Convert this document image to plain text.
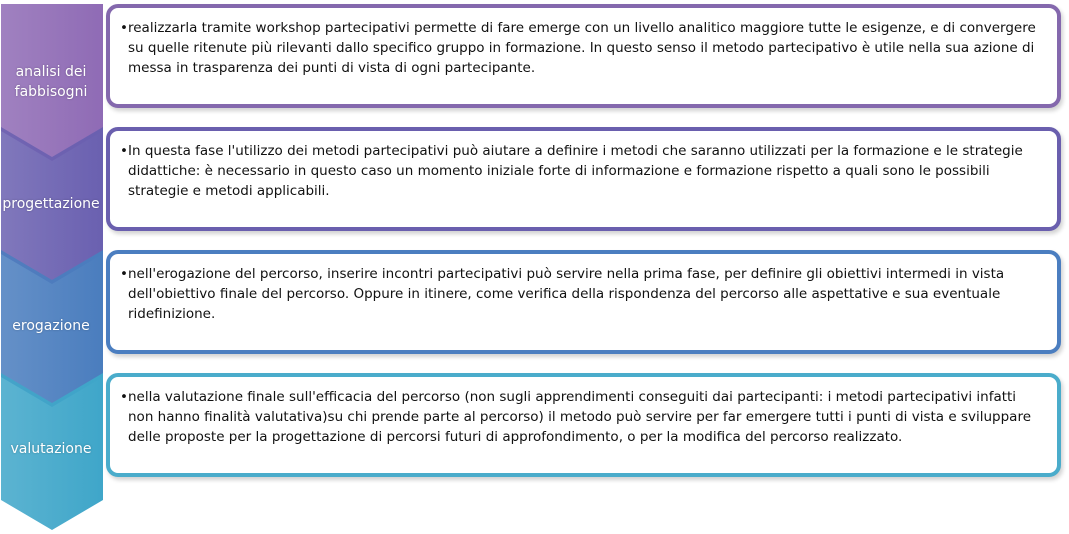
analisi dei fabbisogni
•realizzarla tramite workshop partecipativi permette di fare emerge con un livello analitico maggiore tutte le esigenze, e di convergere su quelle ritenute più rilevanti dallo specifico gruppo in formazione. In questo senso il metodo partecipativo è utile nella sua azione di messa in trasparenza dei punti di vista di ogni partecipante.
progettazione
•In questa fase l'utilizzo dei metodi partecipativi può aiutare a definire i metodi che saranno utilizzati per la formazione e le strategie didattiche: è necessario in questo caso un momento iniziale forte di informazione e formazione rispetto a quali sono le possibili strategie e metodi applicabili.
erogazione
•nell'erogazione del percorso, inserire incontri partecipativi può servire nella prima fase, per definire gli obiettivi intermedi in vista dell'obiettivo finale del percorso. Oppure in itinere, come verifica della rispondenza del percorso alle aspettative e sua eventuale ridefinizione.
valutazione
•nella valutazione finale sull'efficacia del percorso (non sugli apprendimenti conseguiti dai partecipanti: i metodi partecipativi infatti non hanno finalità valutativa)su chi prende parte al percorso) il metodo può servire per far emergere tutti i punti di vista e sviluppare delle proposte per la progettazione di percorsi futuri di approfondimento, o per la modifica del percorso realizzato.
